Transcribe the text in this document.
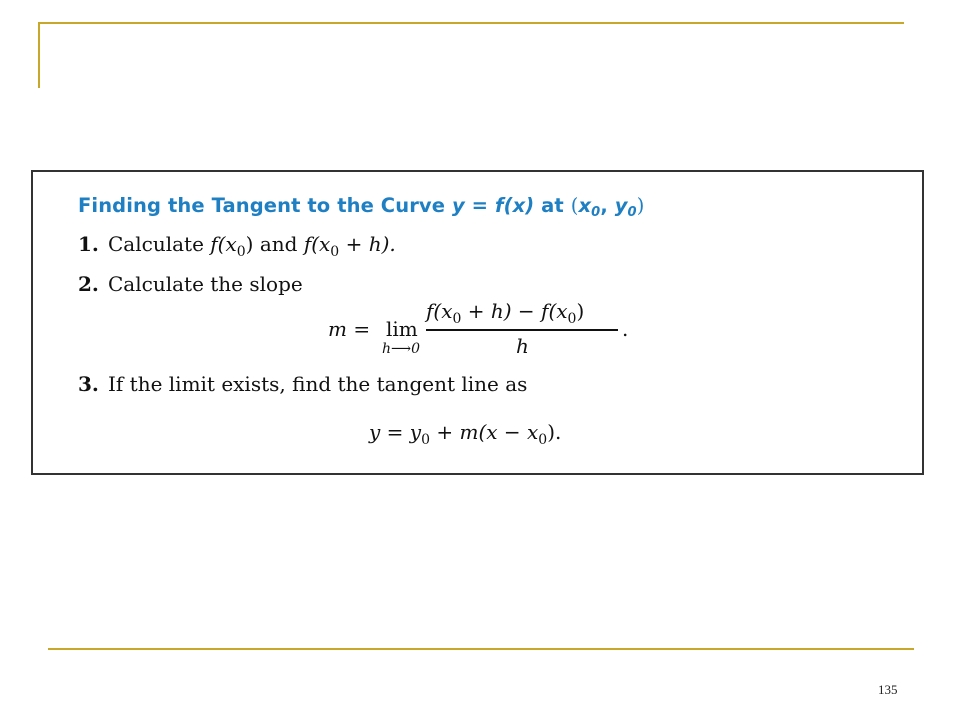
Finding the Tangent to the Curve y = f(x) at ($x_0$, $y_0$)
1. Calculate $f(x_0)$ and $f(x_0 + h)$.
2. Calculate the slope
m = lim
h⟶0
$f(x_0 + h) - f(x_0)$
h
.
3. If the limit exists, find the tangent line as
$y = y_0 + m(x - x_0)$.
135
